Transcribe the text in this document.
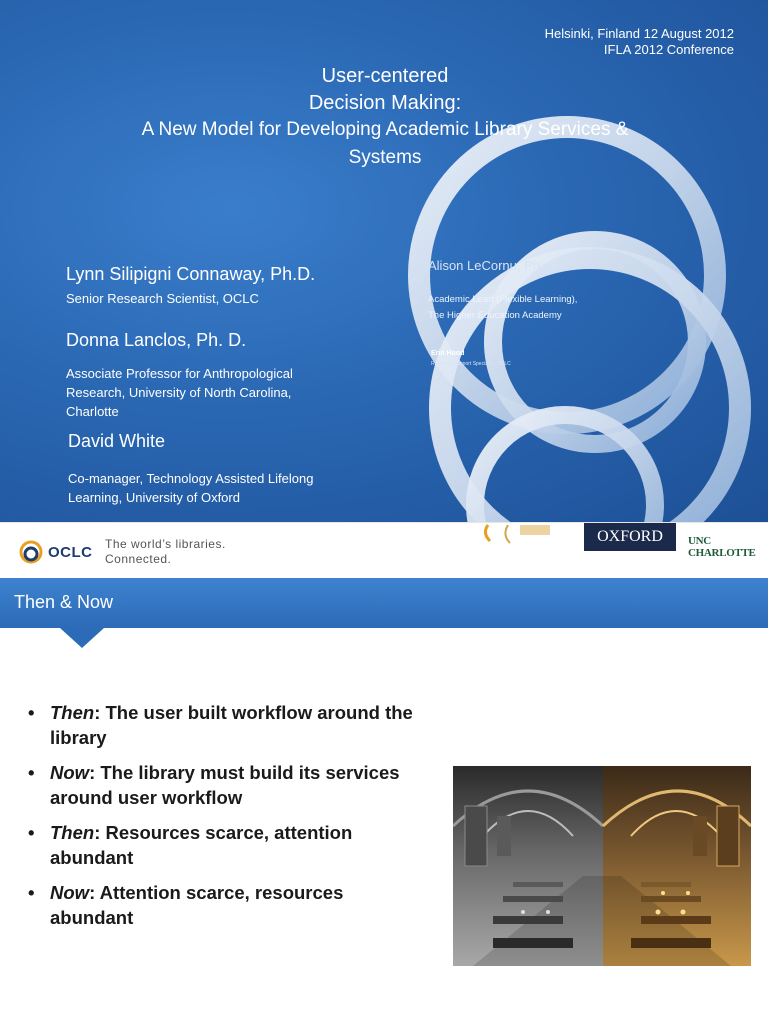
Helsinki, Finland 12 August 2012
IFLA 2012 Conference
User-centered
Decision Making:
A New Model for Developing Academic Library Services &
Systems
Lynn Silipigni Connaway, Ph.D.
Senior Research Scientist, OCLC
Donna Lanclos, Ph. D.
Associate Professor for Anthropological
Research, University of North Carolina,
Charlotte
David White
Co-manager, Technology Assisted Lifelong
Learning, University of Oxford
Alison LeCornu, Ph. D.
Academic Lead (Flexible Learning),
The Higher Education Academy
Erin Hood
Research Support Specialist, OCLC
OCLC The world’s libraries.
Connected.
OXFORD	UNC CHARLOTTE
Then & Now
• Then: The user built workflow around the library
• Now: The library must build its services around user workflow
• Then: Resources scarce, attention abundant
• Now: Attention scarce, resources abundant
